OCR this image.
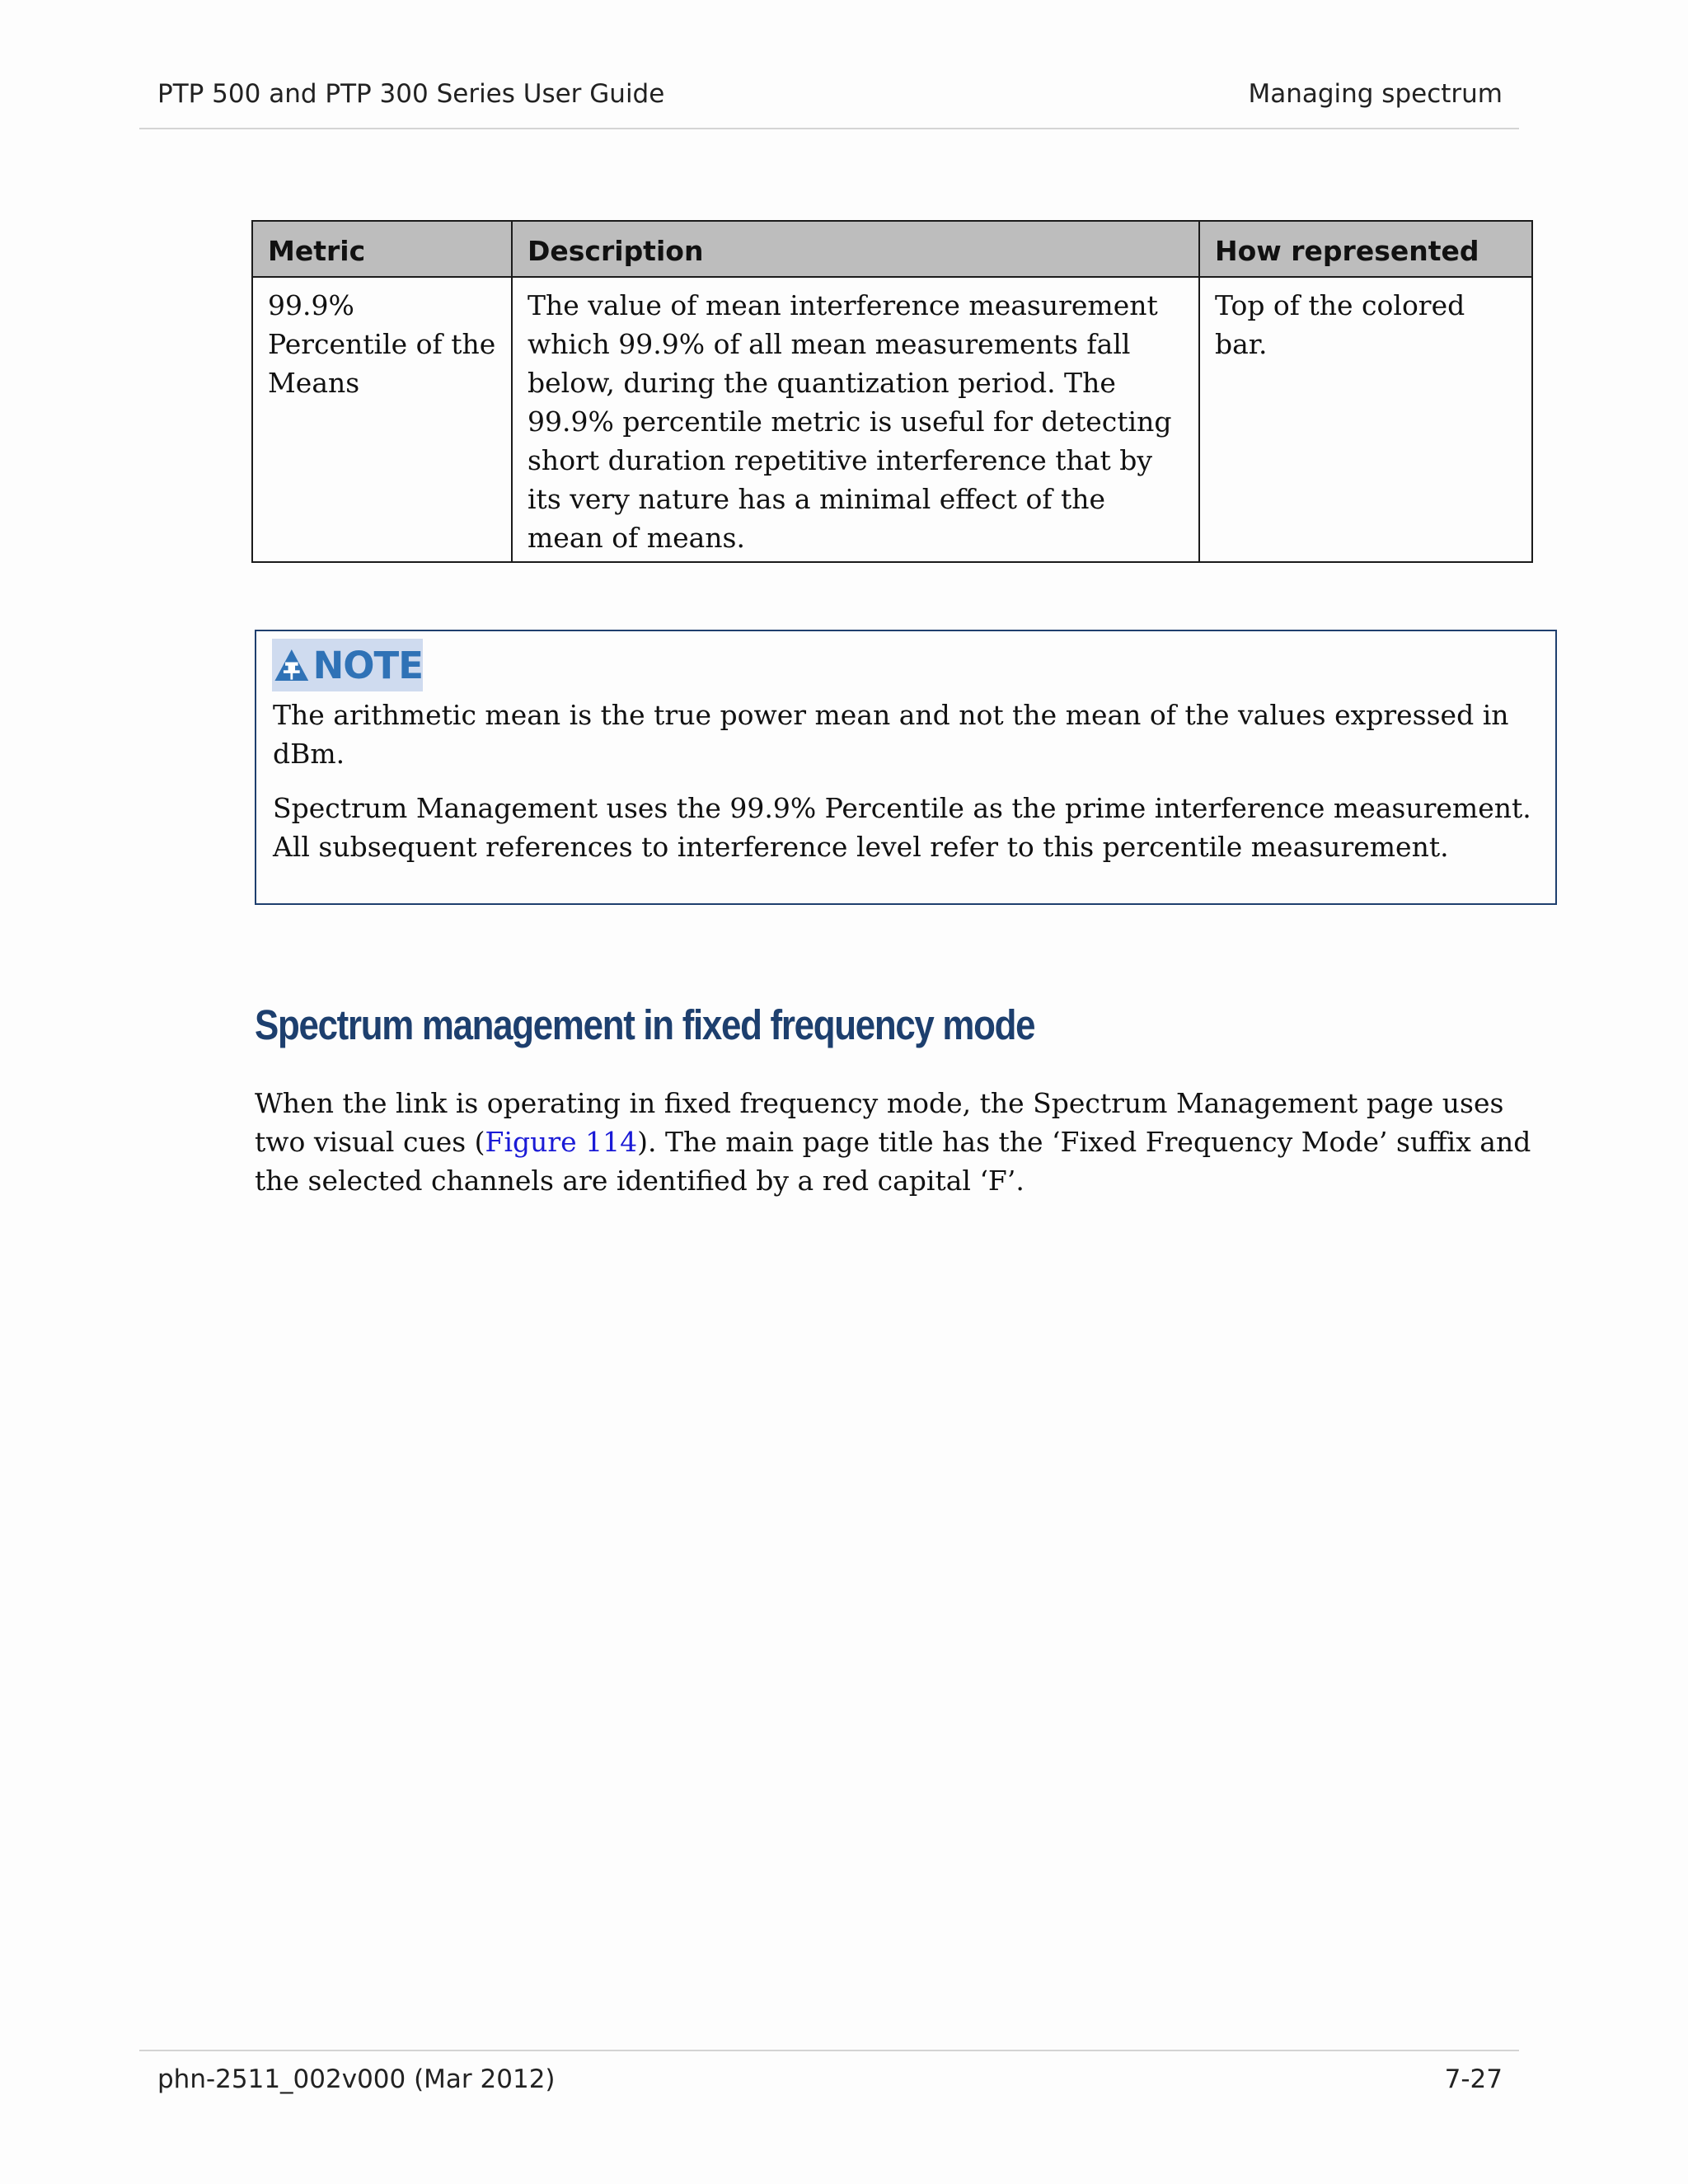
PTP 500 and PTP 300 Series User Guide	Managing spectrum
Metric	Description	How represented
99.9% Percentile of the Means	The value of mean interference measurement which 99.9% of all mean measurements fall below, during the quantization period. The 99.9% percentile metric is useful for detecting short duration repetitive interference that by its very nature has a minimal effect of the mean of means.	Top of the colored bar.
NOTE
The arithmetic mean is the true power mean and not the mean of the values expressed in dBm.
Spectrum Management uses the 99.9% Percentile as the prime interference measurement. All subsequent references to interference level refer to this percentile measurement.
Spectrum management in fixed frequency mode

When the link is operating in fixed frequency mode, the Spectrum Management page uses two visual cues (Figure 114). The main page title has the ‘Fixed Frequency Mode’ suffix and the selected channels are identified by a red capital ‘F’.

phn-2511_002v000 (Mar 2012)	7-27
